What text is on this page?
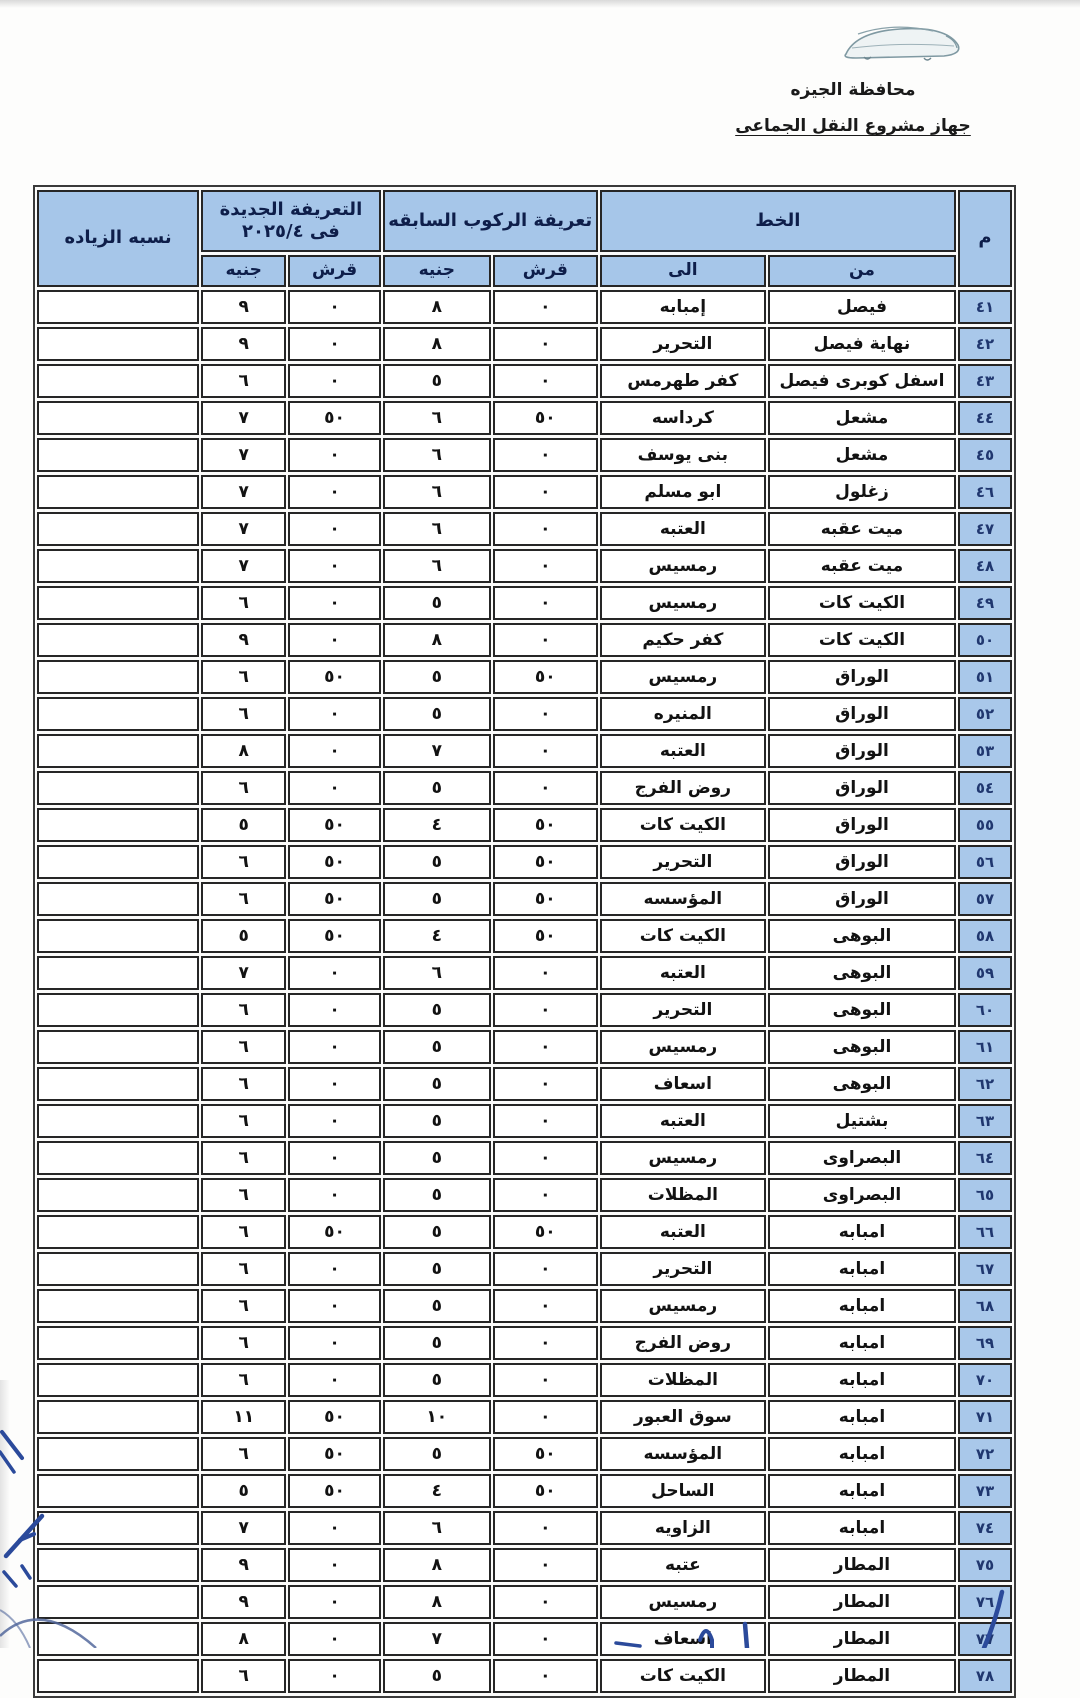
محافظة الجيزه
جهاز مشروع النقل الجماعى
م	الخط		تعريفة الركوب السابقه		التعريفة الجديدة
فى ٢٠٢٥/٤		نسبه الزياده
	من	الى	قرش	جنيه	قرش	جنيه	
٤١	فيصل	إمبابه	٠	٨	٠	٩	
٤٢	نهاية فيصل	التحرير	٠	٨	٠	٩	
٤٣	اسفل كوبرى فيصل	كفر طهرمس	٠	٥	٠	٦	
٤٤	مشعل	كرداسه	٥٠	٦	٥٠	٧	
٤٥	مشعل	بنى يوسف	٠	٦	٠	٧	
٤٦	زغلول	ابو مسلم	٠	٦	٠	٧	
٤٧	ميت عقبه	العتبه	٠	٦	٠	٧	
٤٨	ميت عقبه	رمسيس	٠	٦	٠	٧	
٤٩	الكيت كات	رمسيس	٠	٥	٠	٦	
٥٠	الكيت كات	كفر حكيم	٠	٨	٠	٩	
٥١	الوراق	رمسيس	٥٠	٥	٥٠	٦	
٥٢	الوراق	المنيره	٠	٥	٠	٦	
٥٣	الوراق	العتبه	٠	٧	٠	٨	
٥٤	الوراق	روض الفرج	٠	٥	٠	٦	
٥٥	الوراق	الكيت كات	٥٠	٤	٥٠	٥	
٥٦	الوراق	التحرير	٥٠	٥	٥٠	٦	
٥٧	الوراق	المؤسسه	٥٠	٥	٥٠	٦	
٥٨	البوهى	الكيت كات	٥٠	٤	٥٠	٥	
٥٩	البوهى	العتبه	٠	٦	٠	٧	
٦٠	البوهى	التحرير	٠	٥	٠	٦	
٦١	البوهى	رمسيس	٠	٥	٠	٦	
٦٢	البوهى	اسعاف	٠	٥	٠	٦	
٦٣	بشتيل	العتبه	٠	٥	٠	٦	
٦٤	البصراوى	رمسيس	٠	٥	٠	٦	
٦٥	البصراوى	المظلات	٠	٥	٠	٦	
٦٦	امبابه	العتبه	٥٠	٥	٥٠	٦	
٦٧	امبابه	التحرير	٠	٥	٠	٦	
٦٨	امبابه	رمسيس	٠	٥	٠	٦	
٦٩	امبابه	روض الفرج	٠	٥	٠	٦	
٧٠	امبابه	المظلات	٠	٥	٠	٦	
٧١	امبابه	سوق العبور	٠	١٠	٥٠	١١	
٧٢	امبابه	المؤسسه	٥٠	٥	٥٠	٦	
٧٣	امبابه	الساحل	٥٠	٤	٥٠	٥	
٧٤	امبابه	الزاويه	٠	٦	٠	٧	
٧٥	المطار	عتبه	٠	٨	٠	٩	
٧٦	المطار	رمسيس	٠	٨	٠	٩	
٧٧	المطار	اسعاف	٠	٧	٠	٨	
٧٨	المطار	الكيت كات	٠	٥	٠	٦	
